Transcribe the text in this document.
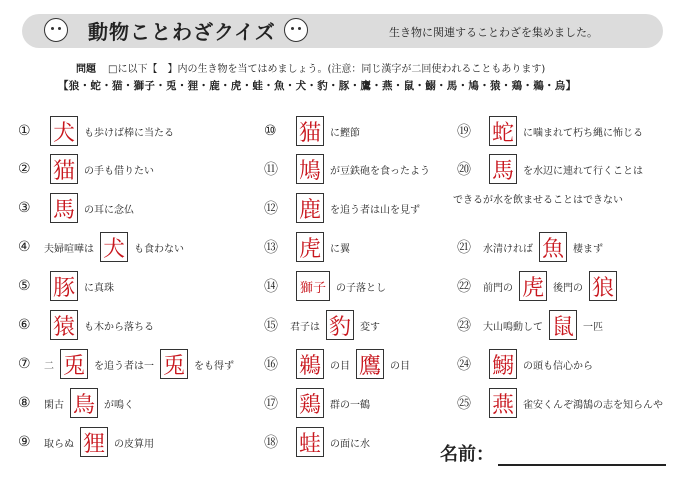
動物ことわざクイズ	生き物に関連することわざを集めました。
問題 □に以下【　】内の生き物を当てはめましょう。(注意：同じ漢字が二回使われることもあります)
【狼・蛇・猫・獅子・兎・狸・鹿・虎・蛙・魚・犬・豹・豚・鷹・燕・鼠・鰯・馬・鳩・猿・鶏・鵜・烏】
①	犬 も歩けば棒に当たる
②	猫 の手も借りたい
③	馬 の耳に念仏
④	夫婦喧嘩は 犬 も食わない
⑤	豚 に真珠
⑥	猿 も木から落ちる
⑦	二 兎 を追う者は一 兎 をも得ず
⑧	閑古 鳥 が鳴く
⑨	取らぬ 狸 の皮算用
⑩	猫 に鰹節
⑪ 鳩 が豆鉄砲を食ったよう
⑫ 鹿 を追う者は山を見ず
⑬ 虎 に翼
⑭	獅子	の子落とし
⑮	君子は 豹 変す
⑯ 鵜 の目 鷹 の目
⑰ 鶏 群の一鶴
⑱ 蛙 の面に水
⑲ 蛇 に噛まれて朽ち縄に怖じる
⑳ 馬 を水辺に連れて行くことは
できるが水を飲ませることはできない
㉑	水清ければ 魚 棲まず
㉒	前門の 虎 後門の 狼
㉓	大山鳴動して 鼠 一匹
㉔ 鰯 の頭も信心から
㉕ 燕 雀安くんぞ鴻鵠の志を知らんや
名前：
